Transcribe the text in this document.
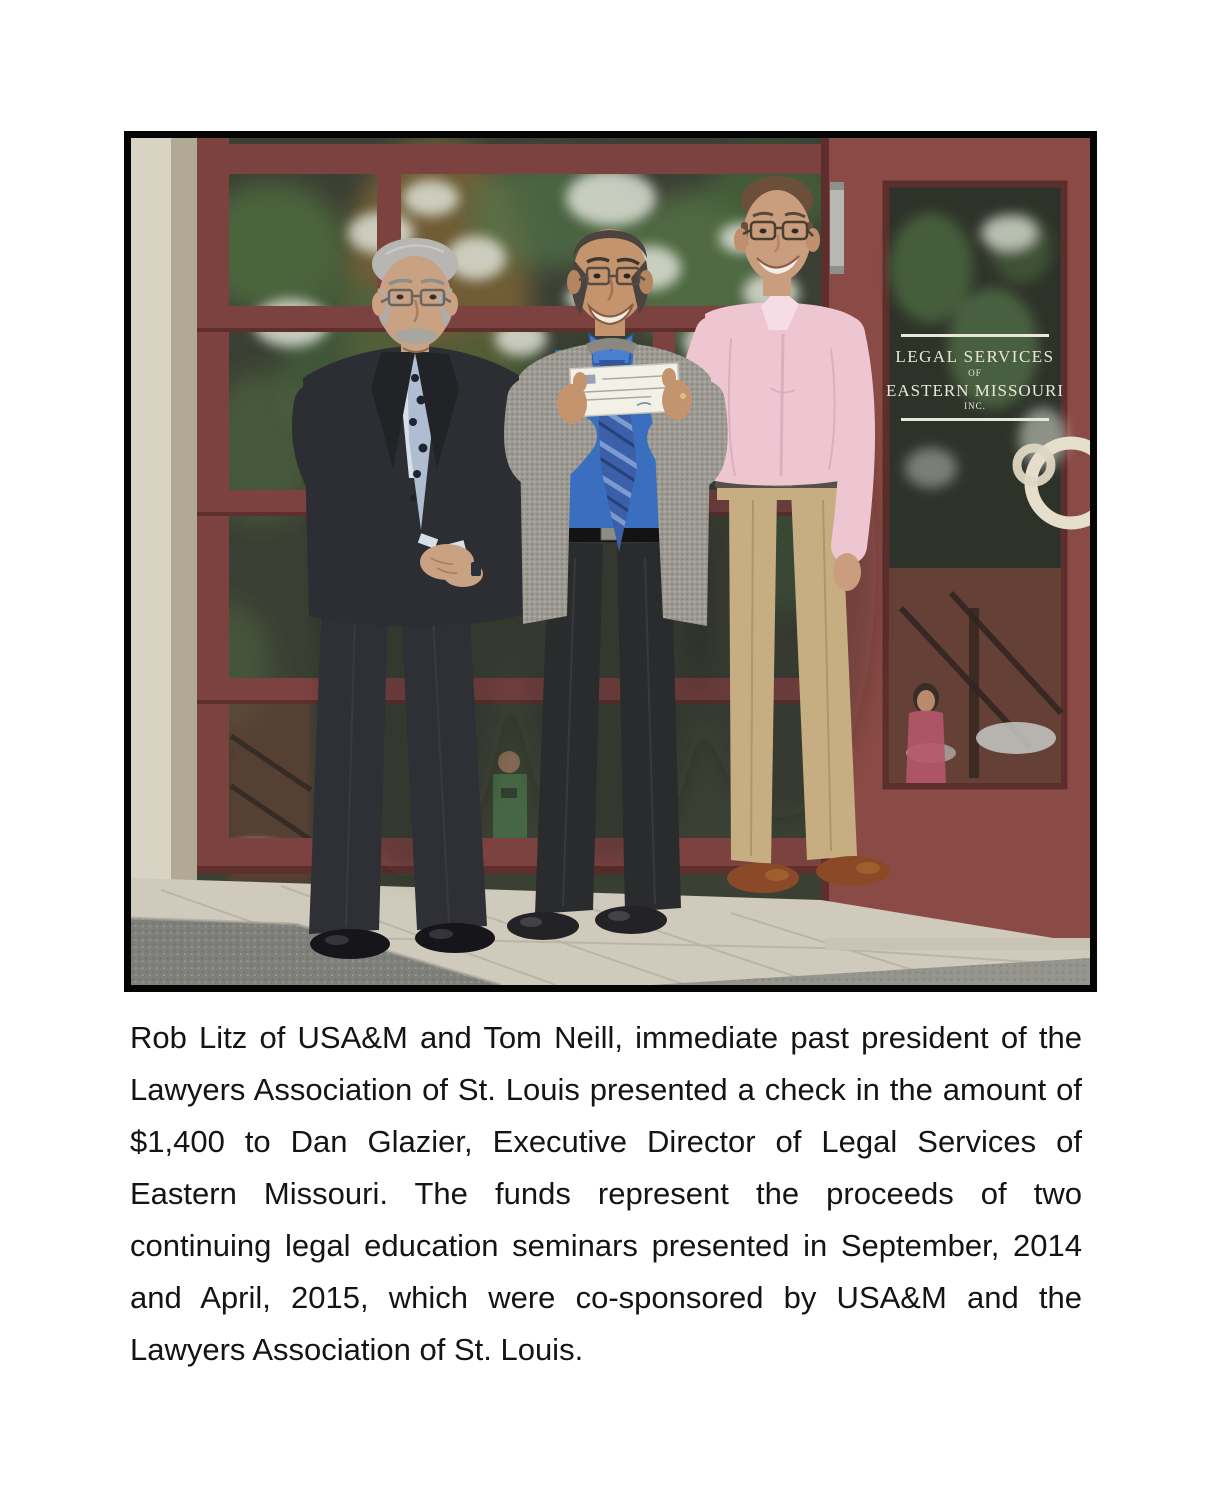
LEGAL SERVICES
OF
EASTERN MISSOURI
INC.

Rob Litz of USA&M and Tom Neill, immediate past president of the Lawyers Association of St. Louis presented a check in the amount of $1,400 to Dan Glazier, Executive Director of Legal Services of Eastern Missouri. The funds represent the proceeds of two continuing legal education seminars presented in September, 2014 and April, 2015, which were co-sponsored by USA&M and the Lawyers Association of St. Louis.
